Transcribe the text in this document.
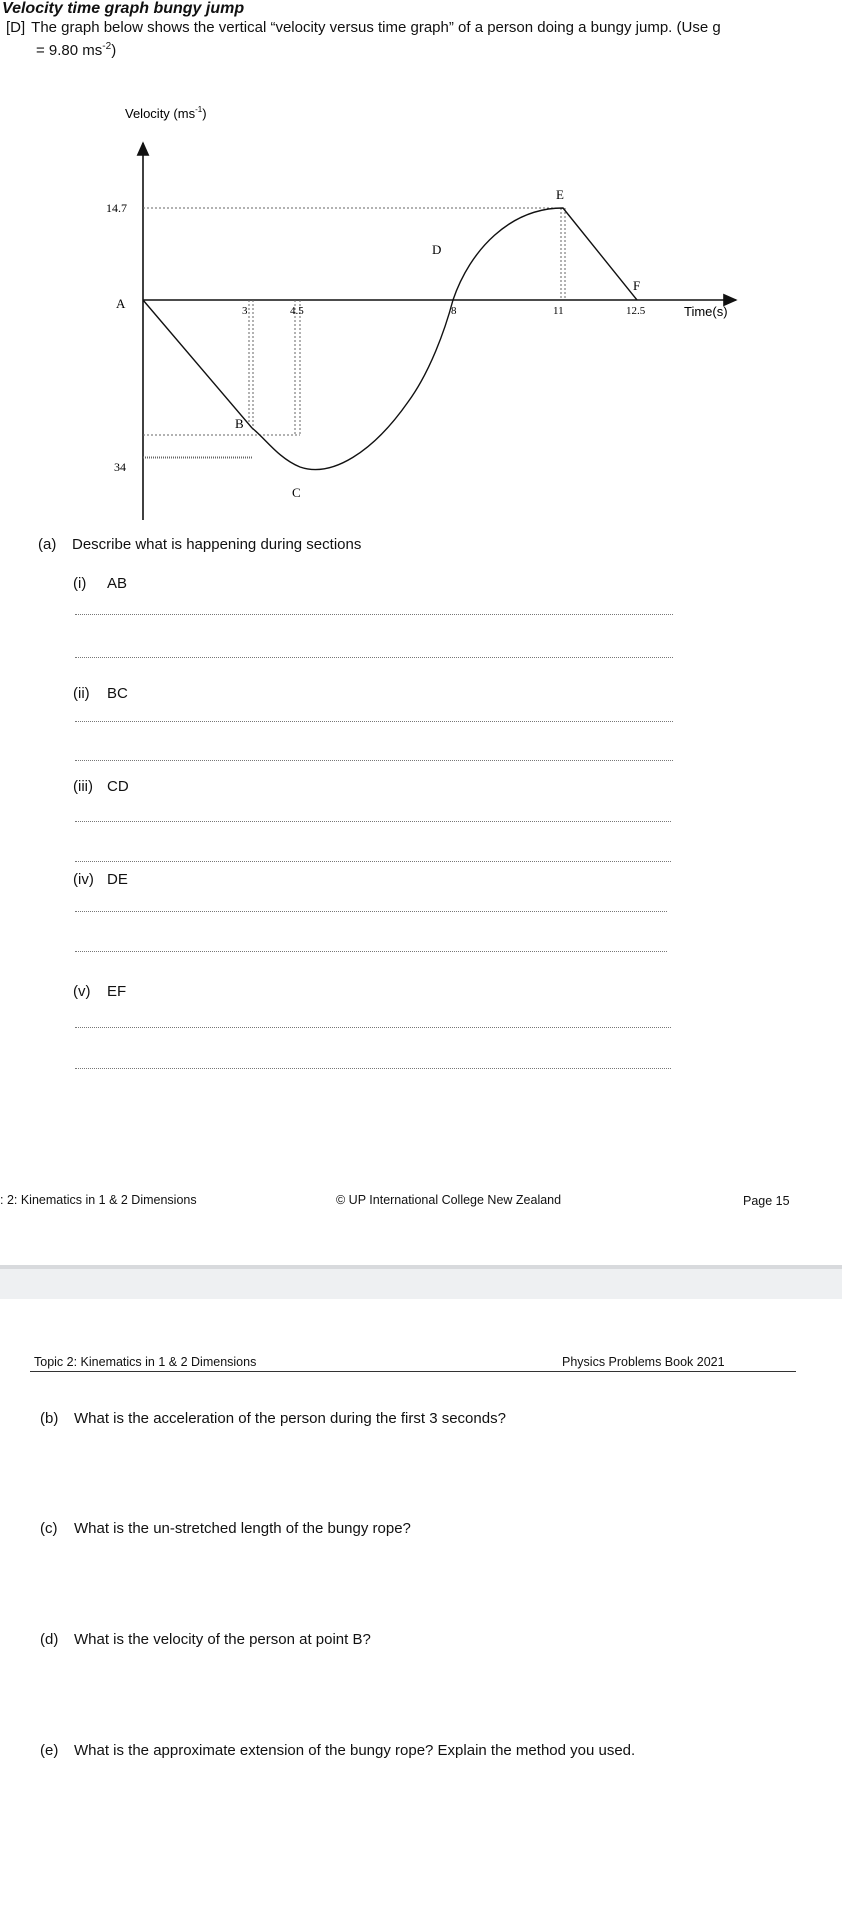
Velocity time graph bungy jump
[D] The graph below shows the vertical “velocity versus time graph” of a person doing a bungy jump. (Use g
= 9.80 $ms^{-2}$)
Velocity $(ms^{-1})$
14.7
34
3	4.5	8	11	12.5	Time(s)
A
B
C
D
E
F
(a) Describe what is happening during sections
(i) AB
(ii) BC
(iii) CD
(iv) DE
(v) EF
: 2: Kinematics in 1 & 2 Dimensions	© UP International College New Zealand	Page 15
Topic 2: Kinematics in 1 & 2 Dimensions	Physics Problems Book 2021
(b) What is the acceleration of the person during the first 3 seconds?
(c) What is the un-stretched length of the bungy rope?
(d) What is the velocity of the person at point B?
(e) What is the approximate extension of the bungy rope? Explain the method you used.
